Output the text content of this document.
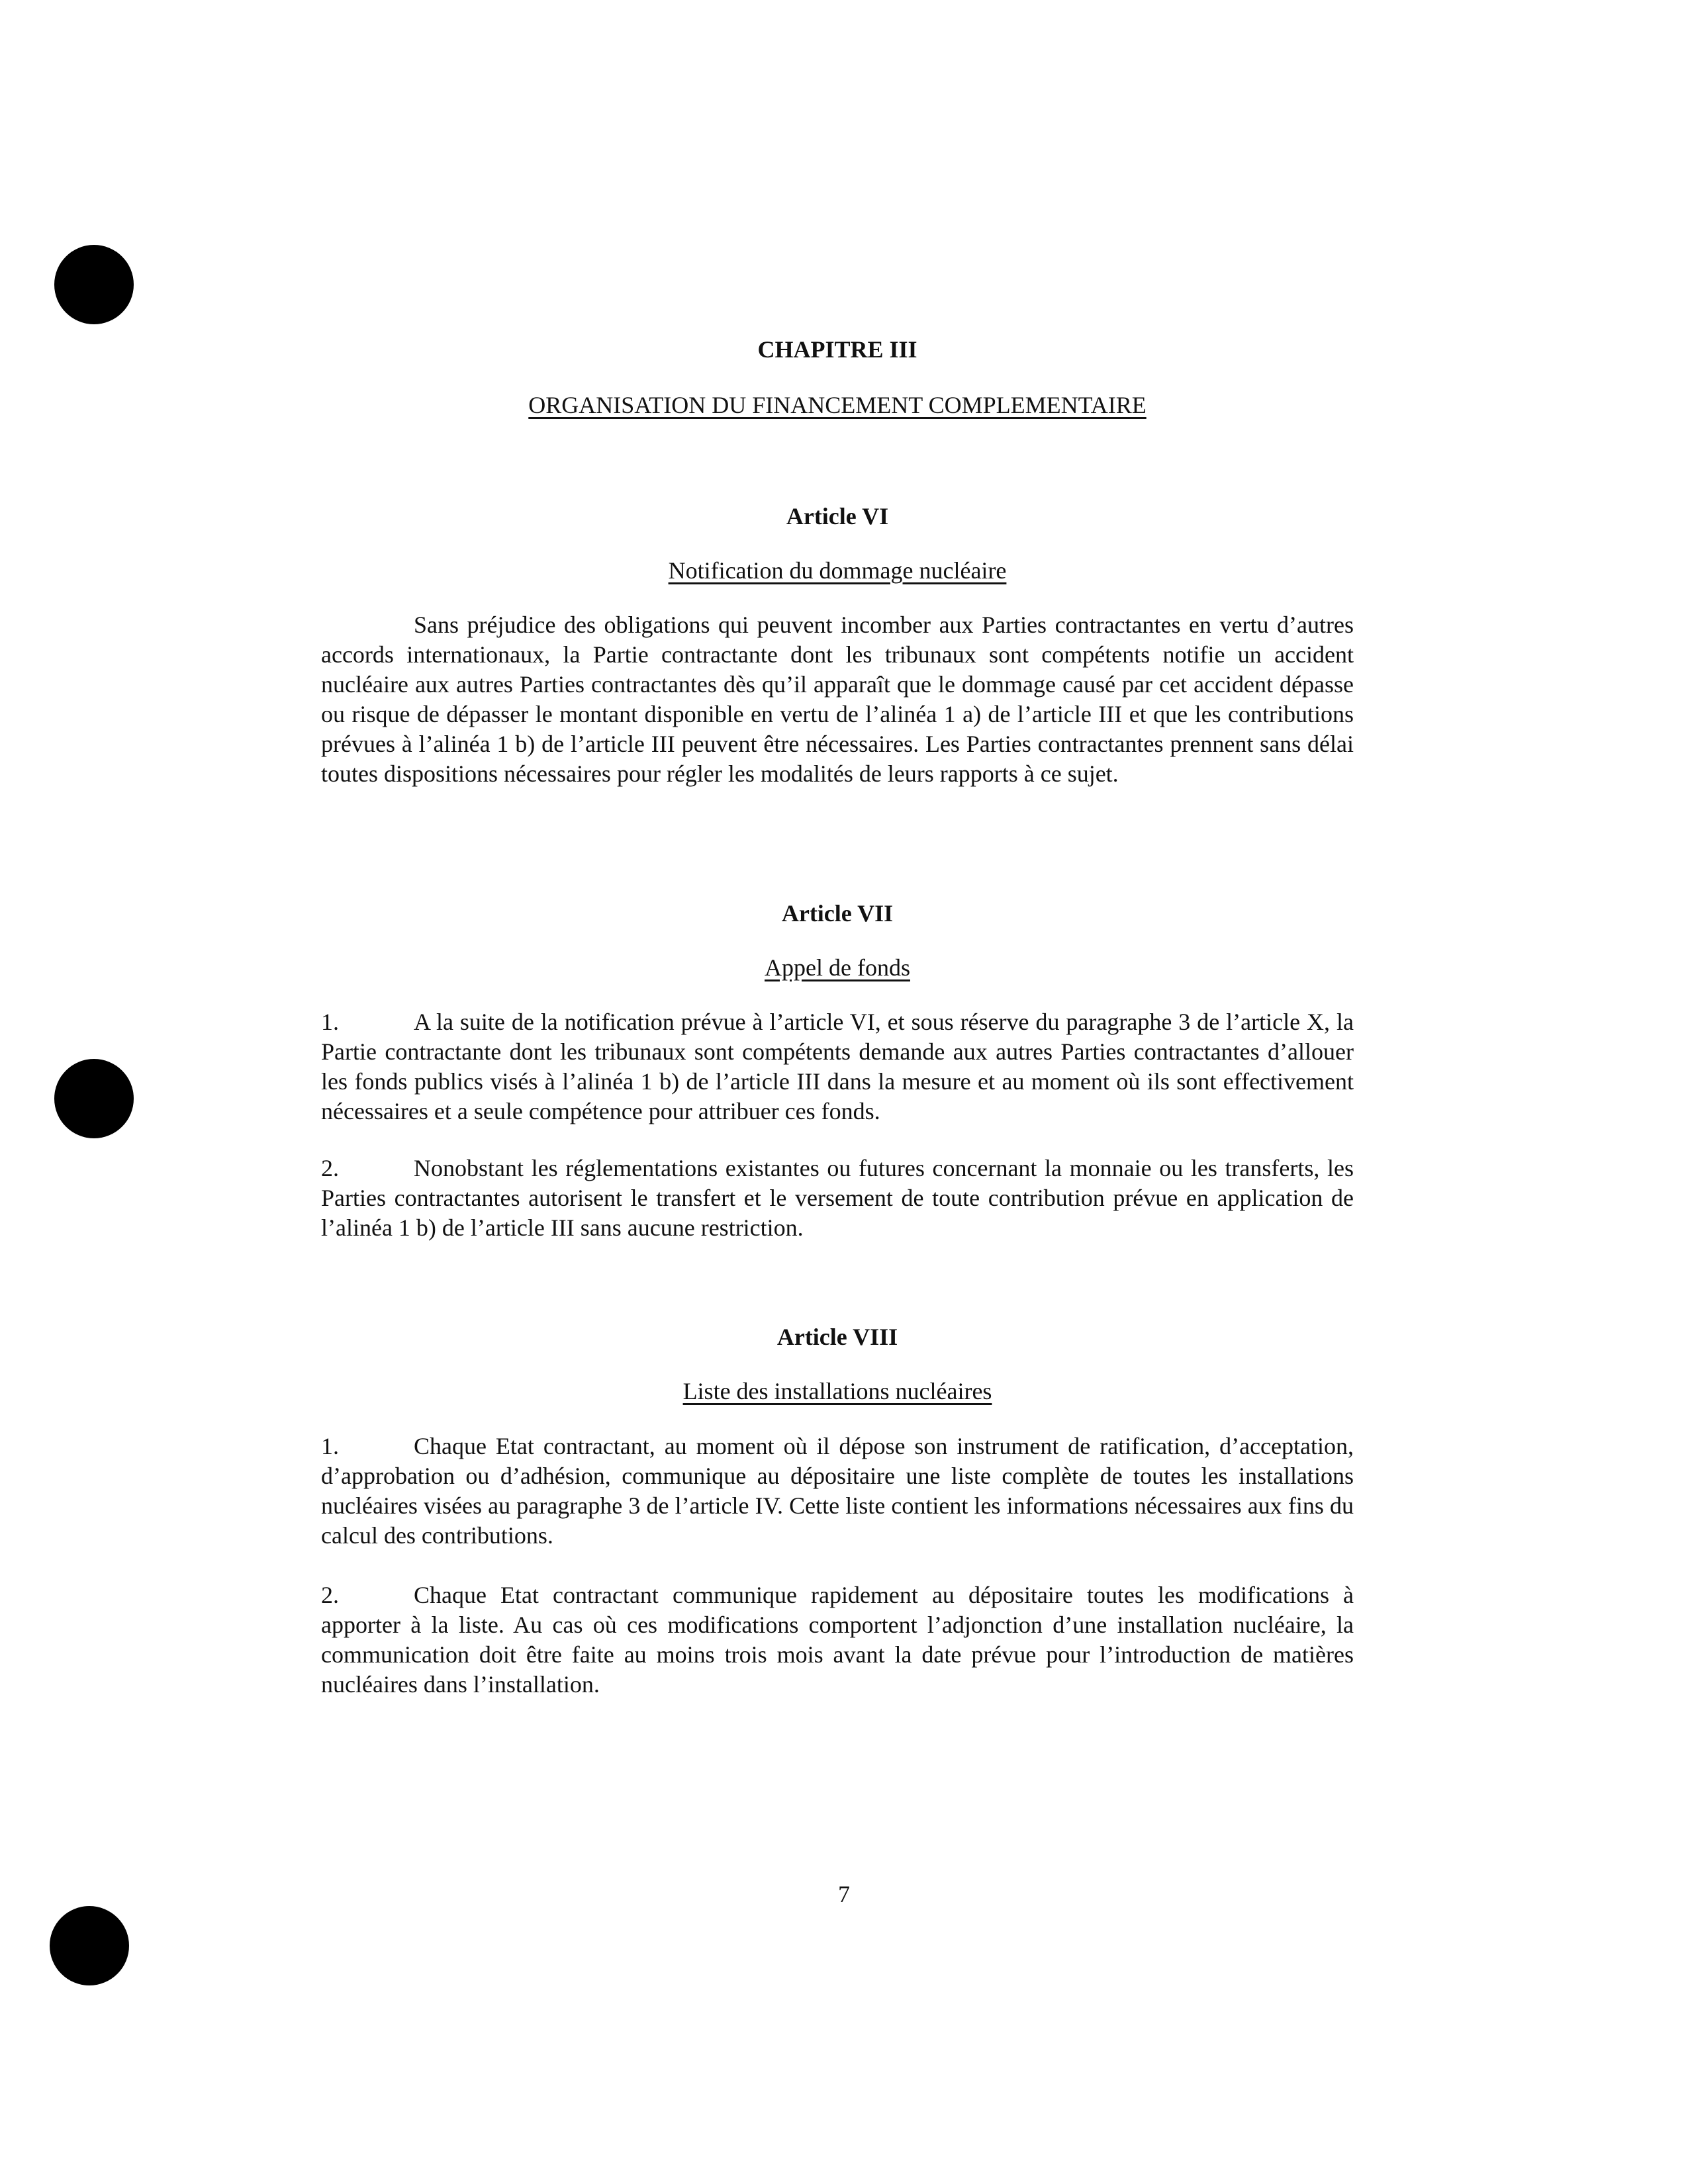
CHAPITRE III
ORGANISATION DU FINANCEMENT COMPLEMENTAIRE
Article VI
Notification du dommage nucléaire
Sans préjudice des obligations qui peuvent incomber aux Parties contractantes en vertu d’autres accords internationaux, la Partie contractante dont les tribunaux sont compétents notifie un accident nucléaire aux autres Parties contractantes dès qu’il apparaît que le dommage causé par cet accident dépasse ou risque de dépasser le montant disponible en vertu de l’alinéa 1 a) de l’article III et que les contributions prévues à l’alinéa 1 b) de l’article III peuvent être nécessaires. Les Parties contractantes prennent sans délai toutes dispositions nécessaires pour régler les modalités de leurs rapports à ce sujet.
Article VII
Appel de fonds
1.	A la suite de la notification prévue à l’article VI, et sous réserve du paragraphe 3 de l’article X, la Partie contractante dont les tribunaux sont compétents demande aux autres Parties contractantes d’allouer les fonds publics visés à l’alinéa 1 b) de l’article III dans la mesure et au moment où ils sont effectivement nécessaires et a seule compétence pour attribuer ces fonds.
2.	Nonobstant les réglementations existantes ou futures concernant la monnaie ou les transferts, les Parties contractantes autorisent le transfert et le versement de toute contribution prévue en application de l’alinéa 1 b) de l’article III sans aucune restriction.
Article VIII
Liste des installations nucléaires
1.	Chaque Etat contractant, au moment où il dépose son instrument de ratification, d’acceptation, d’approbation ou d’adhésion, communique au dépositaire une liste complète de toutes les installations nucléaires visées au paragraphe 3 de l’article IV. Cette liste contient les informations nécessaires aux fins du calcul des contributions.
2.	Chaque Etat contractant communique rapidement au dépositaire toutes les modifications à apporter à la liste. Au cas où ces modifications comportent l’adjonction d’une installation nucléaire, la communication doit être faite au moins trois mois avant la date prévue pour l’introduction de matières nucléaires dans l’installation.
7
